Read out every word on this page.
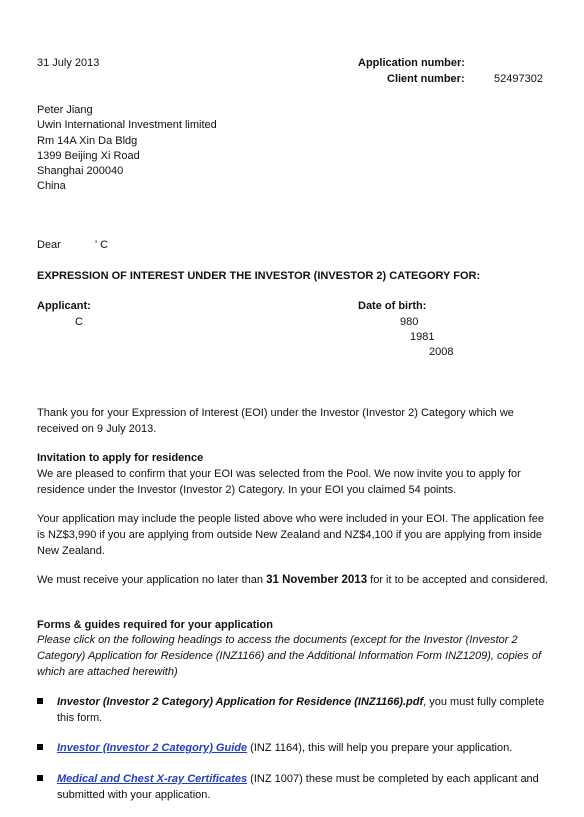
31 July 2013	Application number:
Client number:	52497302
Peter Jiang
Uwin International Investment limited
Rm 14A Xin Da Bldg
1399 Beijing Xi Road
Shanghai 200040
China
Dear	' C
EXPRESSION OF INTEREST UNDER THE INVESTOR (INVESTOR 2) CATEGORY FOR:
Applicant:	Date of birth:
C	980
1981
2008

Thank you for your Expression of Interest (EOI) under the Investor (Investor 2) Category which we received on 9 July 2013.

Invitation to apply for residence

We are pleased to confirm that your EOI was selected from the Pool. We now invite you to apply for residence under the Investor (Investor 2) Category. In your EOI you claimed 54 points.

Your application may include the people listed above who were included in your EOI. The application fee is NZ$3,990 if you are applying from outside New Zealand and NZ$4,100 if you are applying from inside New Zealand.

We must receive your application no later than 31 November 2013 for it to be accepted and considered.

Forms & guides required for your application

Please click on the following headings to access the documents (except for the Investor (Investor 2 Category) Application for Residence (INZ1166) and the Additional Information Form INZ1209), copies of which are attached herewith)

Investor (Investor 2 Category) Application for Residence (INZ1166).pdf, you must fully complete this form.
Investor (Investor 2 Category) Guide (INZ 1164), this will help you prepare your application.
Medical and Chest X-ray Certificates (INZ 1007) these must be completed by each applicant and submitted with your application.
